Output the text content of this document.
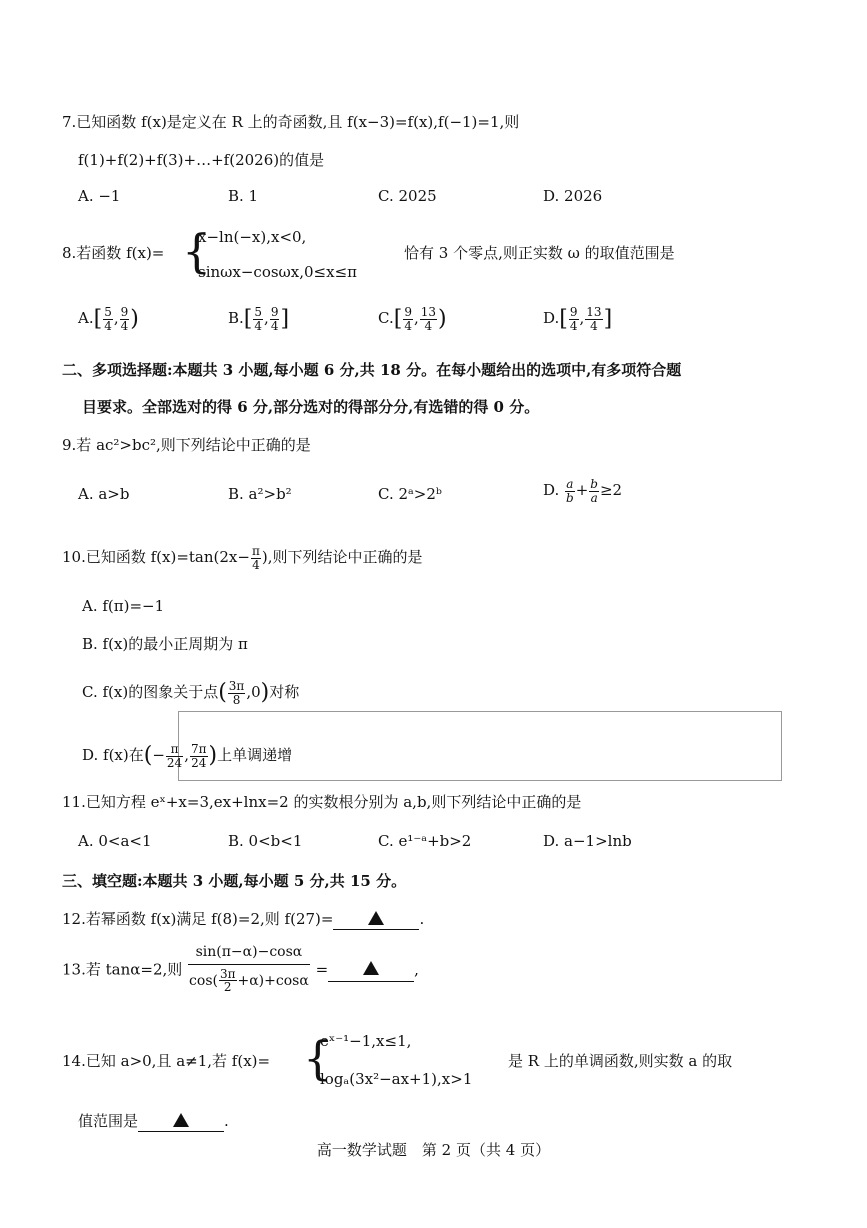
7.已知函数 f(x)是定义在 R 上的奇函数,且 f(x−3)=f(x),f(−1)=1,则
f(1)+f(2)+f(3)+…+f(2026)的值是
A. −1	B. 1	C. 2025	D. 2026
8.若函数 f(x)= {
x−ln(−x),x<0,
sinωx−cosωx,0≤x≤π
恰有 3 个零点,则正实数 ω 的取值范围是
$A.[ \frac{5}{4}$ , $\frac{9}{4}$ )	$B.[ \frac{5}{4}$ , $\frac{9}{4}$ ]	$C.[ \frac{9}{4}$ , $\frac{13}{4}$ )	$D.[ \frac{9}{4}$ , $\frac{13}{4}$ ]
二、多项选择题:本题共 3 小题,每小题 6 分,共 18 分。在每小题给出的选项中,有多项符合题
目要求。全部选对的得 6 分,部分选对的得部分分,有选错的得 0 分。
9.若 ac²>bc²,则下列结论中正确的是
A. a>b	B. a²>b²	C. 2ᵃ>2ᵇ	D. $\frac{a}{b} + \frac{b}{a} \ge 2$
10.已知函数 $f(x)=\tan(2x- \frac{\pi}{4}$ ),则下列结论中正确的是
A. f(π)=−1
B. f(x)的最小正周期为 π
C. f(x)的图象关于点( $\frac{3\pi}{8} ,0$)对称
D. f(x)在(− $\frac{\pi}{24}$ , $\frac{7\pi}{24}$ )上单调递增
11.已知方程 eˣ+x=3,ex+lnx=2 的实数根分别为 a,b,则下列结论中正确的是
A. 0<a<1	B. 0<b<1	C. e¹⁻ᵃ+b>2	D. a−1>lnb
三、填空题:本题共 3 小题,每小题 5 分,共 15 分。
12.若幂函数 f(x)满足 f(8)=2,则 f(27)=	.
13.若 tanα=2,则 $\frac{\sin(\pi-\alpha)-\cos\alpha}{\cos( \frac{3\pi}{2} +\alpha)+\cos\alpha}$ =	,
14.已知 a>0,且 a≠1,若 f(x)= {
eˣ⁻¹−1,x≤1,
logₐ(3x²−ax+1),x>1
是 R 上的单调函数,则实数 a 的取
值范围是	.
高一数学试题　第 2 页（共 4 页）
